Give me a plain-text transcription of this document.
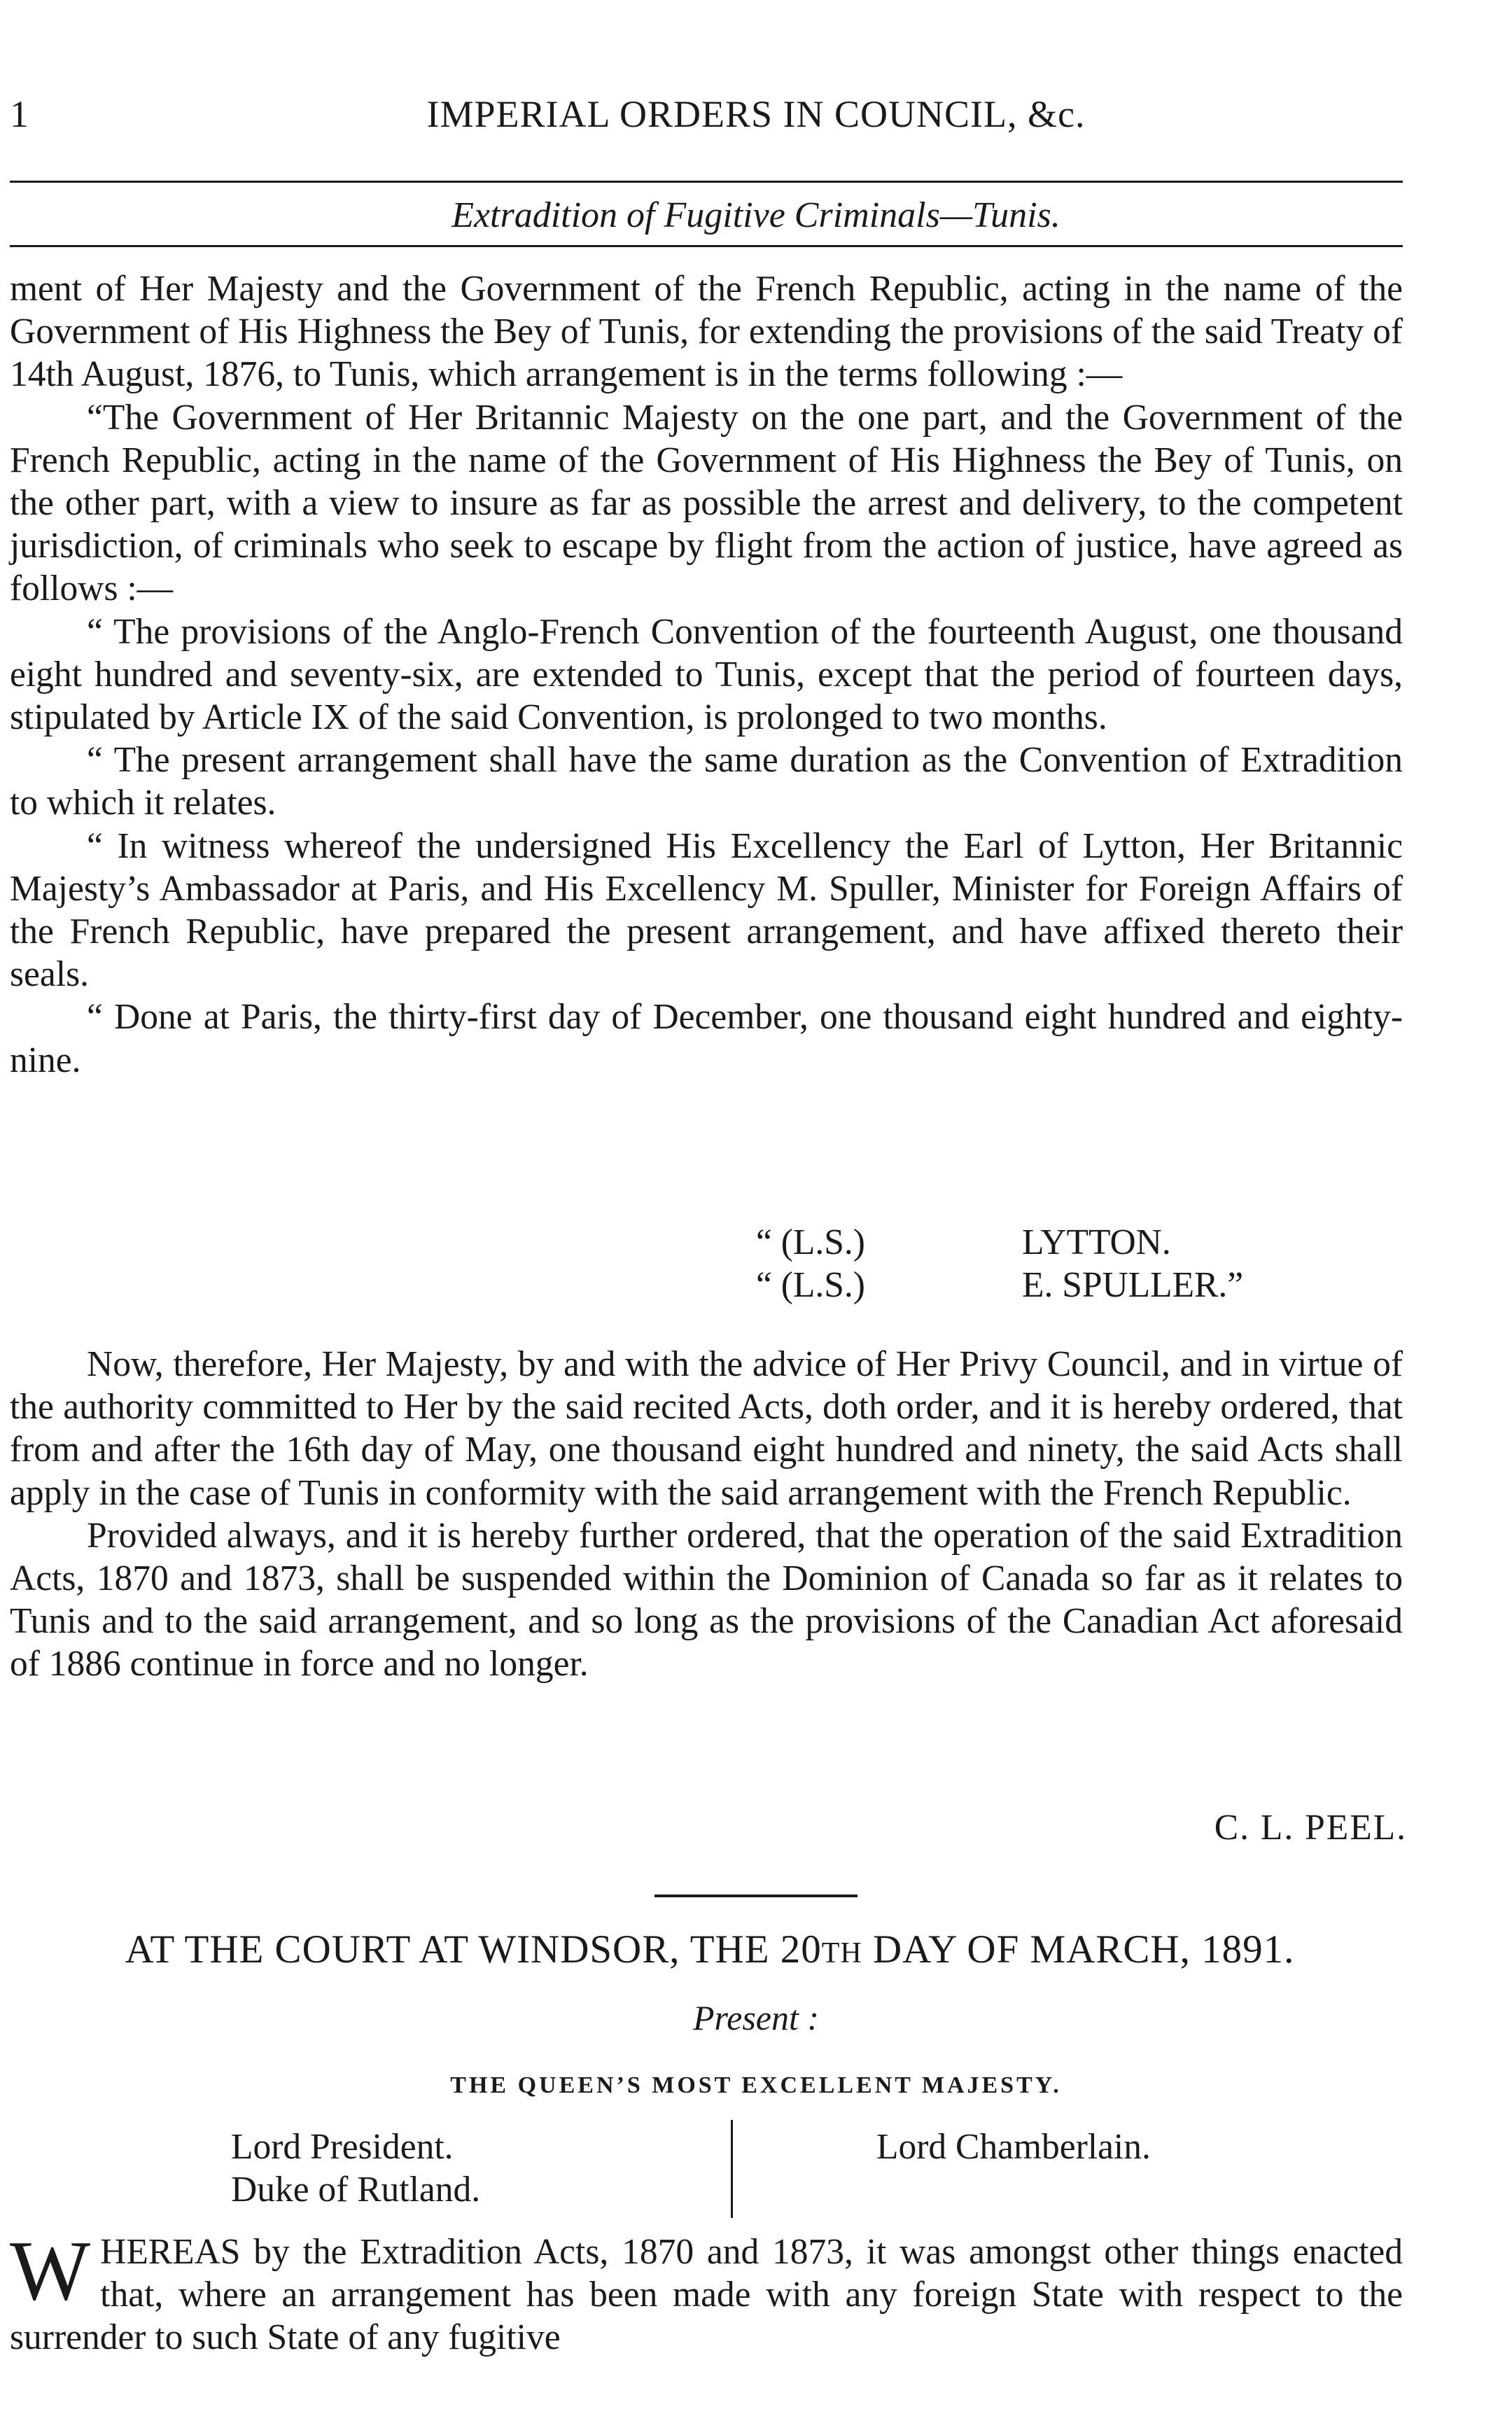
1	IMPERIAL ORDERS IN COUNCIL, &c.
Extradition of Fugitive Criminals—Tunis.

ment of Her Majesty and the Government of the French Republic, acting in the name of the Government of His Highness the Bey of Tunis, for extending the provisions of the said Treaty of 14th August, 1876, to Tunis, which arrangement is in the terms following :—

“The Government of Her Britannic Majesty on the one part, and the Government of the French Republic, acting in the name of the Government of His Highness the Bey of Tunis, on the other part, with a view to insure as far as possible the arrest and delivery, to the competent jurisdiction, of criminals who seek to escape by flight from the action of justice, have agreed as follows :—

“ The provisions of the Anglo-French Convention of the fourteenth August, one thousand eight hundred and seventy-six, are extended to Tunis, except that the period of fourteen days, stipulated by Article IX of the said Convention, is prolonged to two months.

“ The present arrangement shall have the same duration as the Convention of Extradition to which it relates.

“ In witness whereof the undersigned His Excellency the Earl of Lytton, Her Britannic Majesty’s Ambassador at Paris, and His Excellency M. Spuller, Minister for Foreign Affairs of the French Republic, have prepared the present arrangement, and have affixed thereto their seals.

“ Done at Paris, the thirty-first day of December, one thousand eight hundred and eighty-nine.

“ (L.S.)	LYTTON.
“ (L.S.)	E. SPULLER.”

Now, therefore, Her Majesty, by and with the advice of Her Privy Council, and in virtue of the authority committed to Her by the said recited Acts, doth order, and it is hereby ordered, that from and after the 16th day of May, one thousand eight hundred and ninety, the said Acts shall apply in the case of Tunis in conformity with the said arrangement with the French Republic.

Provided always, and it is hereby further ordered, that the operation of the said Extradition Acts, 1870 and 1873, shall be suspended within the Dominion of Canada so far as it relates to Tunis and to the said arrangement, and so long as the provisions of the Canadian Act aforesaid of 1886 continue in force and no longer.

C. L. PEEL.
AT THE COURT AT WINDSOR, THE 20TH DAY OF MARCH, 1891.
Present :
THE QUEEN’S MOST EXCELLENT MAJESTY.
Lord President.
Duke of Rutland.
Lord Chamberlain.
W HEREAS by the Extradition Acts, 1870 and 1873, it was amongst other things enacted that, where an arrangement has been made with any foreign State with respect to the surrender to such State of any fugitive
